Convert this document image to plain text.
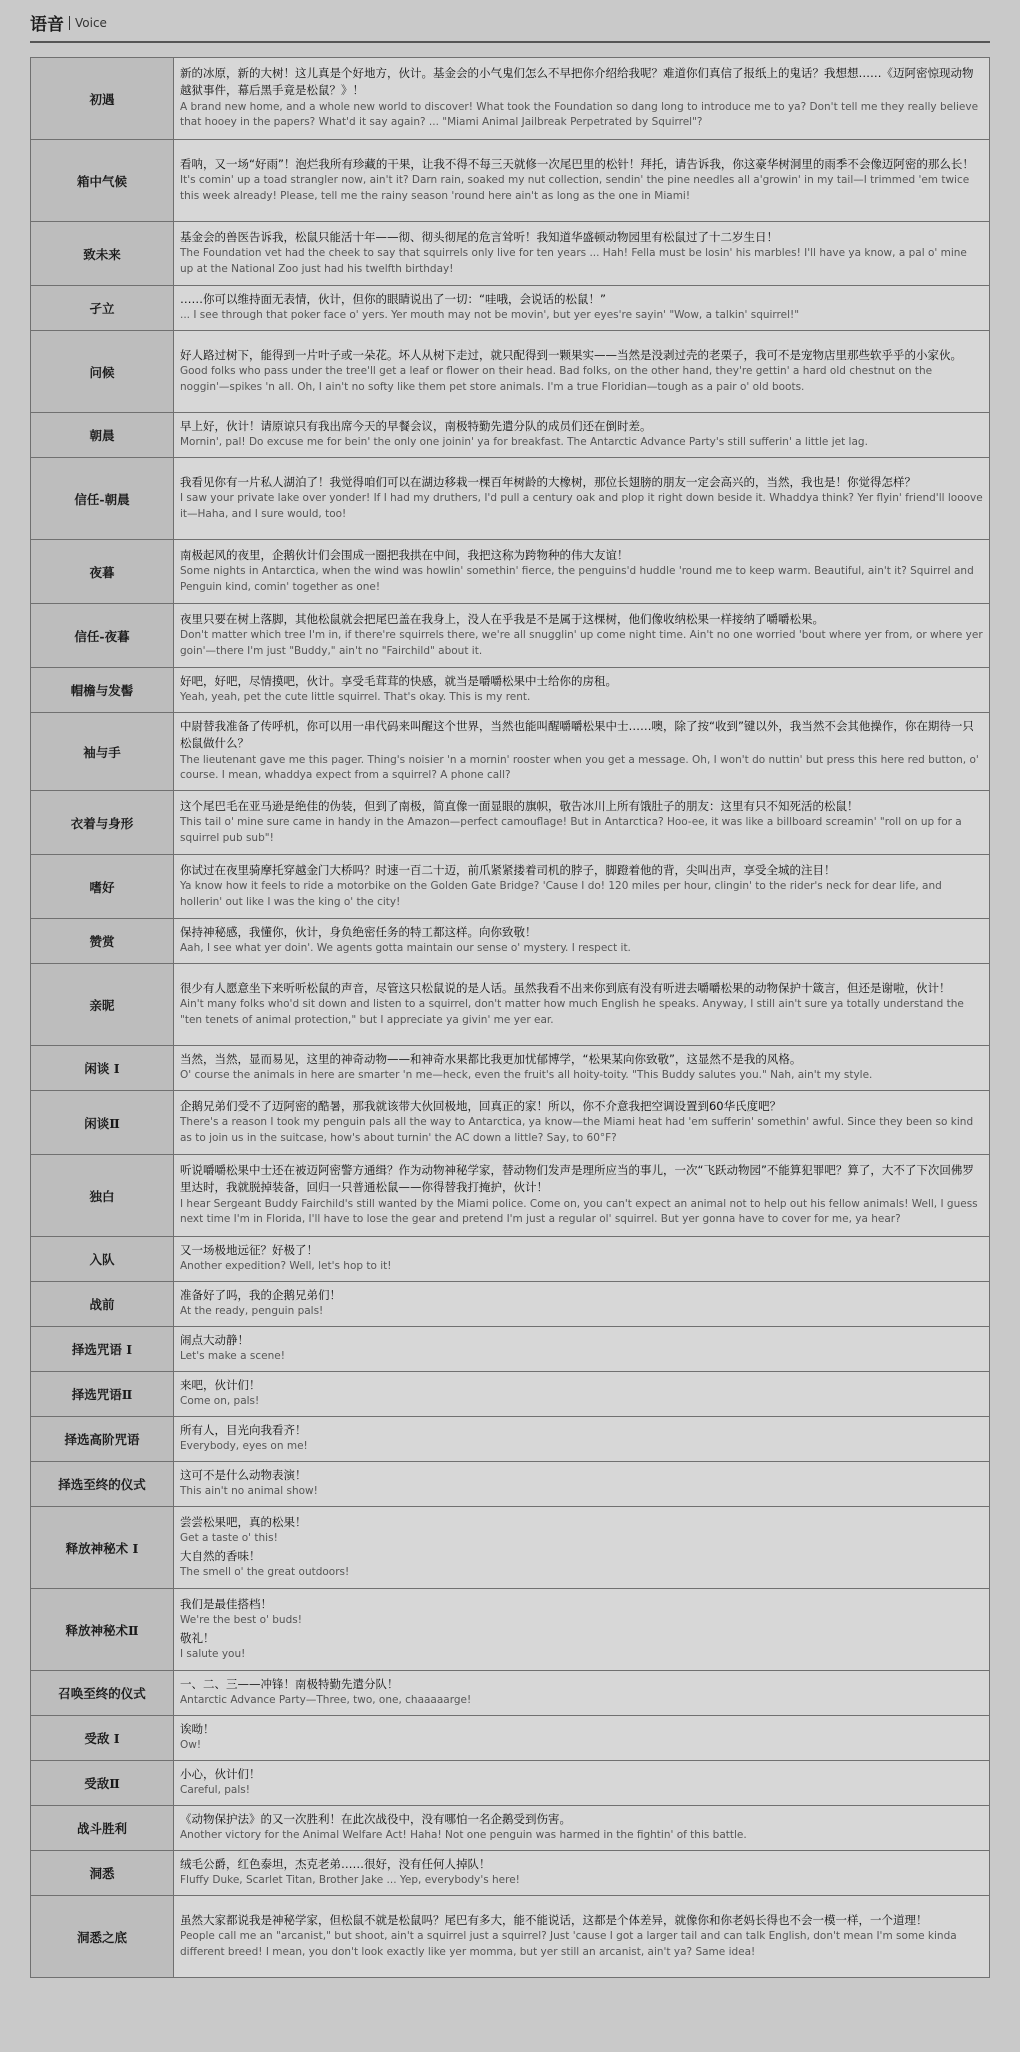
语音 Voice
初遇	新的冰原，新的大树！这儿真是个好地方，伙计。基金会的小气鬼们怎么不早把你介绍给我呢？难道你们真信了报纸上的鬼话？我想想……《迈阿密惊现动物越狱事件，幕后黑手竟是松鼠？》！

A brand new home, and a whole new world to discover! What took the Foundation so dang long to introduce me to ya? Don't tell me they really believe that hooey in the papers? What'd it say again? ... "Miami Animal Jailbreak Perpetrated by Squirrel"?

箱中气候	看呐，又一场“好雨”！泡烂我所有珍藏的干果，让我不得不每三天就修一次尾巴里的松针！拜托，请告诉我，你这豪华树洞里的雨季不会像迈阿密的那么长！

It's comin' up a toad strangler now, ain't it? Darn rain, soaked my nut collection, sendin' the pine needles all a'growin' in my tail—I trimmed 'em twice this week already! Please, tell me the rainy season 'round here ain't as long as the one in Miami!

致未来	基金会的兽医告诉我，松鼠只能活十年——彻、彻头彻尾的危言耸听！我知道华盛顿动物园里有松鼠过了十二岁生日！

The Foundation vet had the cheek to say that squirrels only live for ten years ... Hah! Fella must be losin' his marbles! I'll have ya know, a pal o' mine up at the National Zoo just had his twelfth birthday!

孑立	……你可以维持面无表情，伙计，但你的眼睛说出了一切：“哇哦，会说话的松鼠！”

... I see through that poker face o' yers. Yer mouth may not be movin', but yer eyes're sayin' "Wow, a talkin' squirrel!"

问候	好人路过树下，能得到一片叶子或一朵花。坏人从树下走过，就只配得到一颗果实——当然是没剥过壳的老栗子，我可不是宠物店里那些软乎乎的小家伙。

Good folks who pass under the tree'll get a leaf or flower on their head. Bad folks, on the other hand, they're gettin' a hard old chestnut on the noggin'—spikes 'n all. Oh, I ain't no softy like them pet store animals. I'm a true Floridian—tough as a pair o' old boots.

朝晨	早上好，伙计！请原谅只有我出席今天的早餐会议，南极特勤先遣分队的成员们还在倒时差。

Mornin', pal! Do excuse me for bein' the only one joinin' ya for breakfast. The Antarctic Advance Party's still sufferin' a little jet lag.

信任-朝晨	我看见你有一片私人湖泊了！我觉得咱们可以在湖边移栽一棵百年树龄的大橡树，那位长翅膀的朋友一定会高兴的，当然，我也是！你觉得怎样？

I saw your private lake over yonder! If I had my druthers, I'd pull a century oak and plop it right down beside it. Whaddya think? Yer flyin' friend'll looove it—Haha, and I sure would, too!

夜暮	南极起风的夜里，企鹅伙计们会围成一圈把我拱在中间，我把这称为跨物种的伟大友谊！

Some nights in Antarctica, when the wind was howlin' somethin' fierce, the penguins'd huddle 'round me to keep warm. Beautiful, ain't it? Squirrel and Penguin kind, comin' together as one!

信任-夜暮	夜里只要在树上落脚，其他松鼠就会把尾巴盖在我身上，没人在乎我是不是属于这棵树，他们像收纳松果一样接纳了嚼嚼松果。

Don't matter which tree I'm in, if there're squirrels there, we're all snugglin' up come night time. Ain't no one worried 'bout where yer from, or where yer goin'—there I'm just "Buddy," ain't no "Fairchild" about it.

帽檐与发髻	好吧，好吧，尽情摸吧，伙计。享受毛茸茸的快感，就当是嚼嚼松果中士给你的房租。

Yeah, yeah, pet the cute little squirrel. That's okay. This is my rent.

袖与手	中尉替我准备了传呼机，你可以用一串代码来叫醒这个世界，当然也能叫醒嚼嚼松果中士……噢，除了按“收到”键以外，我当然不会其他操作，你在期待一只松鼠做什么？

The lieutenant gave me this pager. Thing's noisier 'n a mornin' rooster when you get a message. Oh, I won't do nuttin' but press this here red button, o' course. I mean, whaddya expect from a squirrel? A phone call?

衣着与身形	这个尾巴毛在亚马逊是绝佳的伪装，但到了南极，简直像一面显眼的旗帜，敬告冰川上所有饿肚子的朋友：这里有只不知死活的松鼠！

This tail o' mine sure came in handy in the Amazon—perfect camouflage! But in Antarctica? Hoo-ee, it was like a billboard screamin' "roll on up for a squirrel pub sub"!

嗜好	你试过在夜里骑摩托穿越金门大桥吗？时速一百二十迈，前爪紧紧搂着司机的脖子，脚蹬着他的背，尖叫出声，享受全城的注目！

Ya know how it feels to ride a motorbike on the Golden Gate Bridge? 'Cause I do! 120 miles per hour, clingin' to the rider's neck for dear life, and hollerin' out like I was the king o' the city!

赞赏	保持神秘感，我懂你，伙计，身负绝密任务的特工都这样。向你致敬！

Aah, I see what yer doin'. We agents gotta maintain our sense o' mystery. I respect it.

亲昵	很少有人愿意坐下来听听松鼠的声音，尽管这只松鼠说的是人话。虽然我看不出来你到底有没有听进去嚼嚼松果的动物保护十箴言，但还是谢啦，伙计！

Ain't many folks who'd sit down and listen to a squirrel, don't matter how much English he speaks. Anyway, I still ain't sure ya totally understand the "ten tenets of animal protection," but I appreciate ya givin' me yer ear.

闲谈 I	当然，当然，显而易见，这里的神奇动物——和神奇水果都比我更加忧郁博学，“松果某向你致敬”，这显然不是我的风格。

O' course the animals in here are smarter 'n me—heck, even the fruit's all hoity-toity. "This Buddy salutes you." Nah, ain't my style.

闲谈Ⅱ	企鹅兄弟们受不了迈阿密的酷暑，那我就该带大伙回极地，回真正的家！所以，你不介意我把空调设置到60华氏度吧？

There's a reason I took my penguin pals all the way to Antarctica, ya know—the Miami heat had 'em sufferin' somethin' awful. Since they been so kind as to join us in the suitcase, how's about turnin' the AC down a little? Say, to 60°F?

独白	听说嚼嚼松果中士还在被迈阿密警方通缉？作为动物神秘学家，替动物们发声是理所应当的事儿，一次“飞跃动物园”不能算犯罪吧？算了，大不了下次回佛罗里达时，我就脱掉装备，回归一只普通松鼠——你得替我打掩护，伙计！

I hear Sergeant Buddy Fairchild's still wanted by the Miami police. Come on, you can't expect an animal not to help out his fellow animals! Well, I guess next time I'm in Florida, I'll have to lose the gear and pretend I'm just a regular ol' squirrel. But yer gonna have to cover for me, ya hear?

入队	又一场极地远征？好极了！

Another expedition? Well, let's hop to it!

战前	准备好了吗，我的企鹅兄弟们！

At the ready, penguin pals!

择选咒语 I	闹点大动静！

Let's make a scene!

择选咒语Ⅱ	来吧，伙计们！

Come on, pals!

择选高阶咒语	所有人，目光向我看齐！

Everybody, eyes on me!

择选至终的仪式	这可不是什么动物表演！

This ain't no animal show!

释放神秘术 I	尝尝松果吧，真的松果！

Get a taste o' this!

大自然的香味！

The smell o' the great outdoors!

释放神秘术Ⅱ	我们是最佳搭档！

We're the best o' buds!

敬礼！

I salute you!

召唤至终的仪式	一、二、三——冲锋！南极特勤先遣分队！

Antarctic Advance Party—Three, two, one, chaaaaarge!

受敌 I	诶呦！

Ow!

受敌Ⅱ	小心，伙计们！

Careful, pals!

战斗胜利	《动物保护法》的又一次胜利！在此次战役中，没有哪怕一名企鹅受到伤害。

Another victory for the Animal Welfare Act! Haha! Not one penguin was harmed in the fightin' of this battle.

洞悉	绒毛公爵，红色泰坦，杰克老弟……很好，没有任何人掉队！

Fluffy Duke, Scarlet Titan, Brother Jake ... Yep, everybody's here!

洞悉之底	虽然大家都说我是神秘学家，但松鼠不就是松鼠吗？尾巴有多大，能不能说话，这都是个体差异，就像你和你老妈长得也不会一模一样，一个道理！

People call me an "arcanist," but shoot, ain't a squirrel just a squirrel? Just 'cause I got a larger tail and can talk English, don't mean I'm some kinda different breed! I mean, you don't look exactly like yer momma, but yer still an arcanist, ain't ya? Same idea!
